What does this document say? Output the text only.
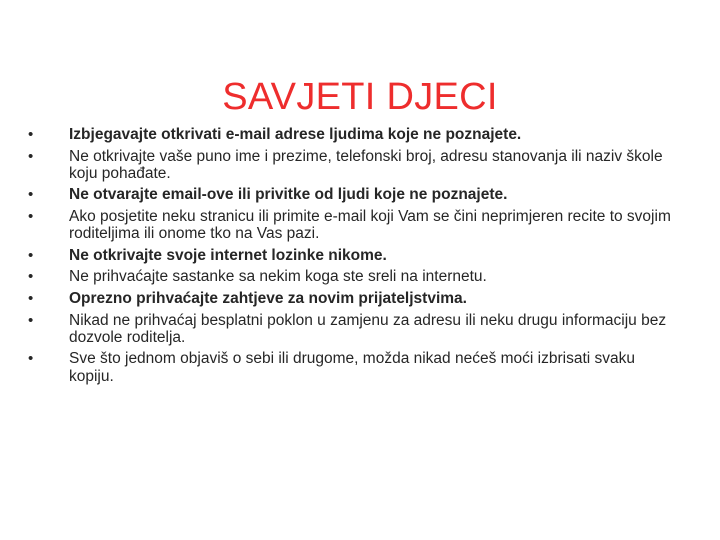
SAVJETI DJECI
•	Izbjegavajte otkrivati e-mail adrese ljudima koje ne poznajete.
•	Ne otkrivajte vaše puno ime i prezime, telefonski broj, adresu stanovanja ili naziv škole koju pohađate.
•	Ne otvarajte email-ove ili privitke od ljudi koje ne poznajete.
•	Ako posjetite neku stranicu ili primite e-mail koji Vam se čini neprimjeren recite to svojim roditeljima ili onome tko na Vas pazi.
•	Ne otkrivajte svoje internet lozinke nikome.
•	Ne prihvaćajte sastanke sa nekim koga ste sreli na internetu.
•	Oprezno prihvaćajte zahtjeve za novim prijateljstvima.
•	Nikad ne prihvaćaj besplatni poklon u zamjenu za adresu ili neku drugu informaciju bez dozvole roditelja.
•	Sve što jednom objaviš o sebi ili drugome, možda nikad nećeš moći izbrisati svaku kopiju.
